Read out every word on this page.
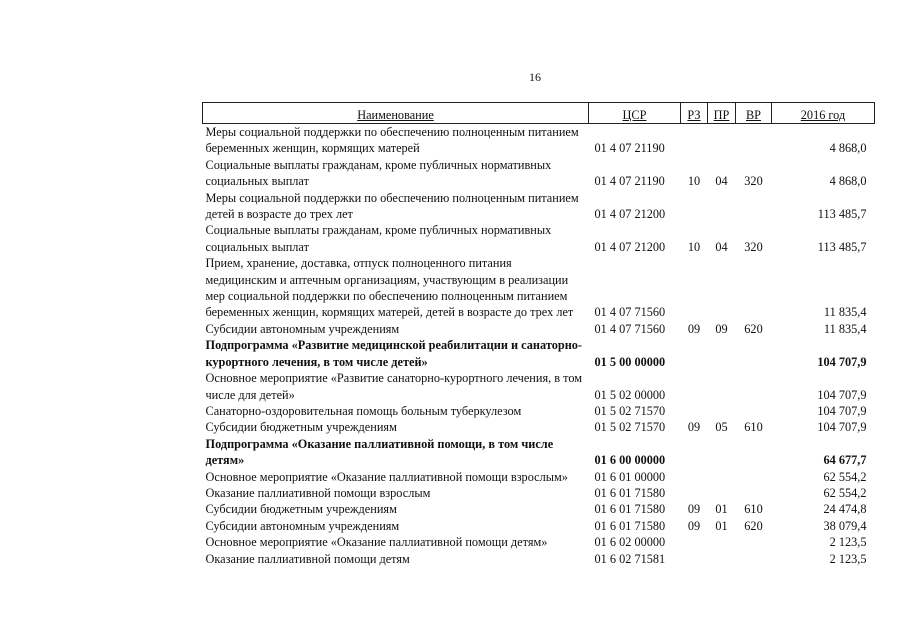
16
Наименование	ЦСР	РЗ	ПР	ВР	2016 год
Меры социальной поддержки по обеспечению полноценным питанием беременных женщин, кормящих матерей	01 4 07 21190				4 868,0
Социальные выплаты гражданам, кроме публичных нормативных социальных выплат	01 4 07 21190	10	04	320	4 868,0
Меры социальной поддержки по обеспечению полноценным питанием детей в возрасте до трех лет	01 4 07 21200				113 485,7
Социальные выплаты гражданам, кроме публичных нормативных социальных выплат	01 4 07 21200	10	04	320	113 485,7
Прием, хранение, доставка, отпуск полноценного питания медицинским и аптечным организациям, участвующим в реализации мер социальной поддержки по обеспечению полноценным питанием беременных женщин, кормящих матерей, детей в возрасте до трех лет	01 4 07 71560				11 835,4
Субсидии автономным учреждениям	01 4 07 71560	09	09	620	11 835,4
Подпрограмма «Развитие медицинской реабилитации и санаторно-курортного лечения, в том числе детей»	01 5 00 00000				104 707,9
Основное мероприятие «Развитие санаторно-курортного лечения, в том числе для детей»	01 5 02 00000				104 707,9
Санаторно-оздоровительная помощь больным туберкулезом	01 5 02 71570				104 707,9
Субсидии бюджетным учреждениям	01 5 02 71570	09	05	610	104 707,9
Подпрограмма «Оказание паллиативной помощи, в том числе детям»	01 6 00 00000				64 677,7
Основное мероприятие «Оказание паллиативной помощи взрослым»	01 6 01 00000				62 554,2
Оказание паллиативной помощи взрослым	01 6 01 71580				62 554,2
Субсидии бюджетным учреждениям	01 6 01 71580	09	01	610	24 474,8
Субсидии автономным учреждениям	01 6 01 71580	09	01	620	38 079,4
Основное мероприятие «Оказание паллиативной помощи детям»	01 6 02 00000				2 123,5
Оказание паллиативной помощи детям	01 6 02 71581				2 123,5
